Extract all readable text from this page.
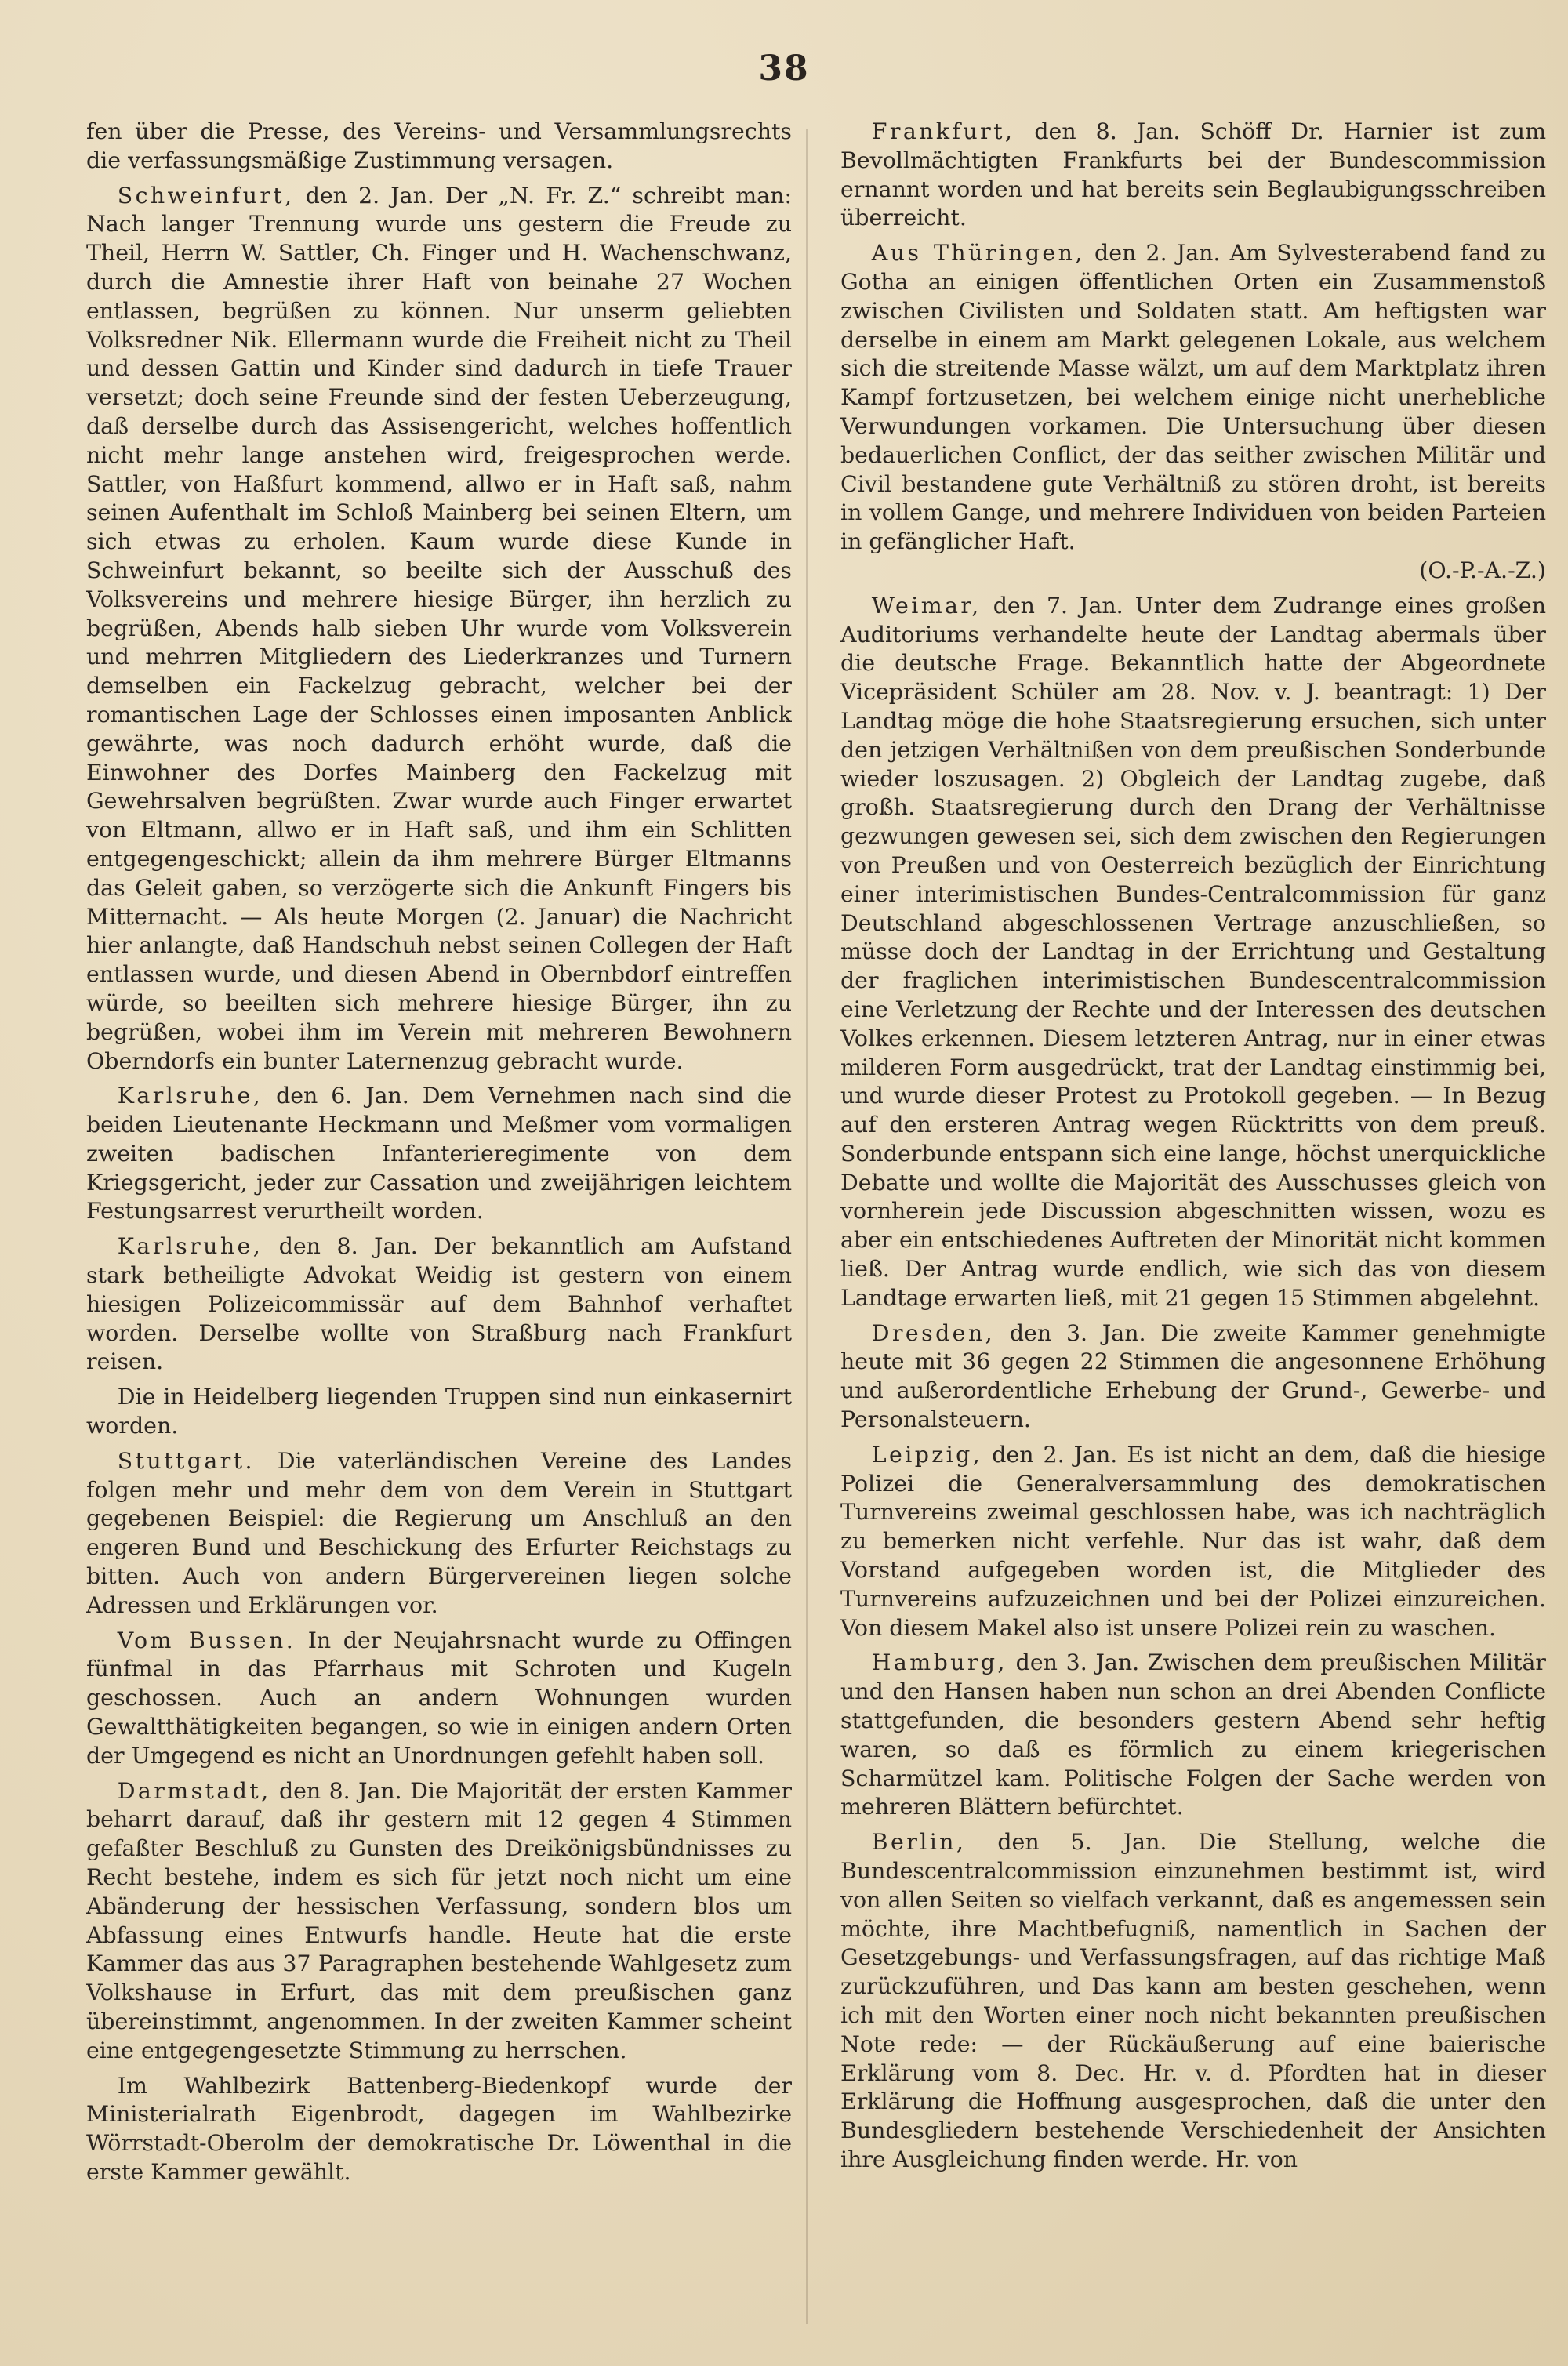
38

fen über die Presse, des Vereins- und Versammlungsrechts die verfassungsmäßige Zustimmung versagen.

Schweinfurt, den 2. Jan. Der „N. Fr. Z.“ schreibt man: Nach langer Trennung wurde uns gestern die Freude zu Theil, Herrn W. Sattler, Ch. Finger und H. Wachenschwanz, durch die Amnestie ihrer Haft von beinahe 27 Wochen entlassen, begrüßen zu können. Nur unserm geliebten Volksredner Nik. Ellermann wurde die Freiheit nicht zu Theil und dessen Gattin und Kinder sind dadurch in tiefe Trauer versetzt; doch seine Freunde sind der festen Ueberzeugung, daß derselbe durch das Assisengericht, welches hoffentlich nicht mehr lange anstehen wird, freigesprochen werde. Sattler, von Haßfurt kommend, allwo er in Haft saß, nahm seinen Aufenthalt im Schloß Mainberg bei seinen Eltern, um sich etwas zu erholen. Kaum wurde diese Kunde in Schweinfurt bekannt, so beeilte sich der Ausschuß des Volksvereins und mehrere hiesige Bürger, ihn herzlich zu begrüßen, Abends halb sieben Uhr wurde vom Volksverein und mehrren Mitgliedern des Liederkranzes und Turnern demselben ein Fackelzug gebracht, welcher bei der romantischen Lage der Schlosses einen imposanten Anblick gewährte, was noch dadurch erhöht wurde, daß die Einwohner des Dorfes Mainberg den Fackelzug mit Gewehrsalven begrüßten. Zwar wurde auch Finger erwartet von Eltmann, allwo er in Haft saß, und ihm ein Schlitten entgegengeschickt; allein da ihm mehrere Bürger Eltmanns das Geleit gaben, so verzögerte sich die Ankunft Fingers bis Mitternacht. — Als heute Morgen (2. Januar) die Nachricht hier anlangte, daß Handschuh nebst seinen Collegen der Haft entlassen wurde, und diesen Abend in Obernbdorf eintreffen würde, so beeilten sich mehrere hiesige Bürger, ihn zu begrüßen, wobei ihm im Verein mit mehreren Bewohnern Oberndorfs ein bunter Laternenzug gebracht wurde.

Karlsruhe, den 6. Jan. Dem Vernehmen nach sind die beiden Lieutenante Heckmann und Meßmer vom vormaligen zweiten badischen Infanterieregimente von dem Kriegsgericht, jeder zur Cassation und zweijährigen leichtem Festungsarrest verurtheilt worden.

Karlsruhe, den 8. Jan. Der bekanntlich am Aufstand stark betheiligte Advokat Weidig ist gestern von einem hiesigen Polizeicommissär auf dem Bahnhof verhaftet worden. Derselbe wollte von Straßburg nach Frankfurt reisen.

Die in Heidelberg liegenden Truppen sind nun einkasernirt worden.

Stuttgart. Die vaterländischen Vereine des Landes folgen mehr und mehr dem von dem Verein in Stuttgart gegebenen Beispiel: die Regierung um Anschluß an den engeren Bund und Beschickung des Erfurter Reichstags zu bitten. Auch von andern Bürgervereinen liegen solche Adressen und Erklärungen vor.

Vom Bussen. In der Neujahrsnacht wurde zu Offingen fünfmal in das Pfarrhaus mit Schroten und Kugeln geschossen. Auch an andern Wohnungen wurden Gewaltthätigkeiten begangen, so wie in einigen andern Orten der Umgegend es nicht an Unordnungen gefehlt haben soll.

Darmstadt, den 8. Jan. Die Majorität der ersten Kammer beharrt darauf, daß ihr gestern mit 12 gegen 4 Stimmen gefaßter Beschluß zu Gunsten des Dreikönigsbündnisses zu Recht bestehe, indem es sich für jetzt noch nicht um eine Abänderung der hessischen Verfassung, sondern blos um Abfassung eines Entwurfs handle. Heute hat die erste Kammer das aus 37 Paragraphen bestehende Wahlgesetz zum Volkshause in Erfurt, das mit dem preußischen ganz übereinstimmt, angenommen. In der zweiten Kammer scheint eine entgegengesetzte Stimmung zu herrschen.

Im Wahlbezirk Battenberg-Biedenkopf wurde der Ministerialrath Eigenbrodt, dagegen im Wahlbezirke Wörrstadt-Oberolm der demokratische Dr. Löwenthal in die erste Kammer gewählt.

Frankfurt, den 8. Jan. Schöff Dr. Harnier ist zum Bevollmächtigten Frankfurts bei der Bundescommission ernannt worden und hat bereits sein Beglaubigungsschreiben überreicht.

Aus Thüringen, den 2. Jan. Am Sylvesterabend fand zu Gotha an einigen öffentlichen Orten ein Zusammenstoß zwischen Civilisten und Soldaten statt. Am heftigsten war derselbe in einem am Markt gelegenen Lokale, aus welchem sich die streitende Masse wälzt, um auf dem Marktplatz ihren Kampf fortzusetzen, bei welchem einige nicht unerhebliche Verwundungen vorkamen. Die Untersuchung über diesen bedauerlichen Conflict, der das seither zwischen Militär und Civil bestandene gute Verhältniß zu stören droht, ist bereits in vollem Gange, und mehrere Individuen von beiden Parteien in gefänglicher Haft.
(O.-P.-A.-Z.)

Weimar, den 7. Jan. Unter dem Zudrange eines großen Auditoriums verhandelte heute der Landtag abermals über die deutsche Frage. Bekanntlich hatte der Abgeordnete Vicepräsident Schüler am 28. Nov. v. J. beantragt: 1) Der Landtag möge die hohe Staatsregierung ersuchen, sich unter den jetzigen Verhältnißen von dem preußischen Sonderbunde wieder loszusagen. 2) Obgleich der Landtag zugebe, daß großh. Staatsregierung durch den Drang der Verhältnisse gezwungen gewesen sei, sich dem zwischen den Regierungen von Preußen und von Oesterreich bezüglich der Einrichtung einer interimistischen Bundes-Centralcommission für ganz Deutschland abgeschlossenen Vertrage anzuschließen, so müsse doch der Landtag in der Errichtung und Gestaltung der fraglichen interimistischen Bundescentralcommission eine Verletzung der Rechte und der Interessen des deutschen Volkes erkennen. Diesem letzteren Antrag, nur in einer etwas milderen Form ausgedrückt, trat der Landtag einstimmig bei, und wurde dieser Protest zu Protokoll gegeben. — In Bezug auf den ersteren Antrag wegen Rücktritts von dem preuß. Sonderbunde entspann sich eine lange, höchst unerquickliche Debatte und wollte die Majorität des Ausschusses gleich von vornherein jede Discussion abgeschnitten wissen, wozu es aber ein entschiedenes Auftreten der Minorität nicht kommen ließ. Der Antrag wurde endlich, wie sich das von diesem Landtage erwarten ließ, mit 21 gegen 15 Stimmen abgelehnt.

Dresden, den 3. Jan. Die zweite Kammer genehmigte heute mit 36 gegen 22 Stimmen die angesonnene Erhöhung und außerordentliche Erhebung der Grund-, Gewerbe- und Personalsteuern.

Leipzig, den 2. Jan. Es ist nicht an dem, daß die hiesige Polizei die Generalversammlung des demokratischen Turnvereins zweimal geschlossen habe, was ich nachträglich zu bemerken nicht verfehle. Nur das ist wahr, daß dem Vorstand aufgegeben worden ist, die Mitglieder des Turnvereins aufzuzeichnen und bei der Polizei einzureichen. Von diesem Makel also ist unsere Polizei rein zu waschen.

Hamburg, den 3. Jan. Zwischen dem preußischen Militär und den Hansen haben nun schon an drei Abenden Conflicte stattgefunden, die besonders gestern Abend sehr heftig waren, so daß es förmlich zu einem kriegerischen Scharmützel kam. Politische Folgen der Sache werden von mehreren Blättern befürchtet.

Berlin, den 5. Jan. Die Stellung, welche die Bundescentralcommission einzunehmen bestimmt ist, wird von allen Seiten so vielfach verkannt, daß es angemessen sein möchte, ihre Machtbefugniß, namentlich in Sachen der Gesetzgebungs- und Verfassungsfragen, auf das richtige Maß zurückzuführen, und Das kann am besten geschehen, wenn ich mit den Worten einer noch nicht bekannten preußischen Note rede: — der Rückäußerung auf eine baierische Erklärung vom 8. Dec. Hr. v. d. Pfordten hat in dieser Erklärung die Hoffnung ausgesprochen, daß die unter den Bundesgliedern bestehende Verschiedenheit der Ansichten ihre Ausgleichung finden werde. Hr. von
